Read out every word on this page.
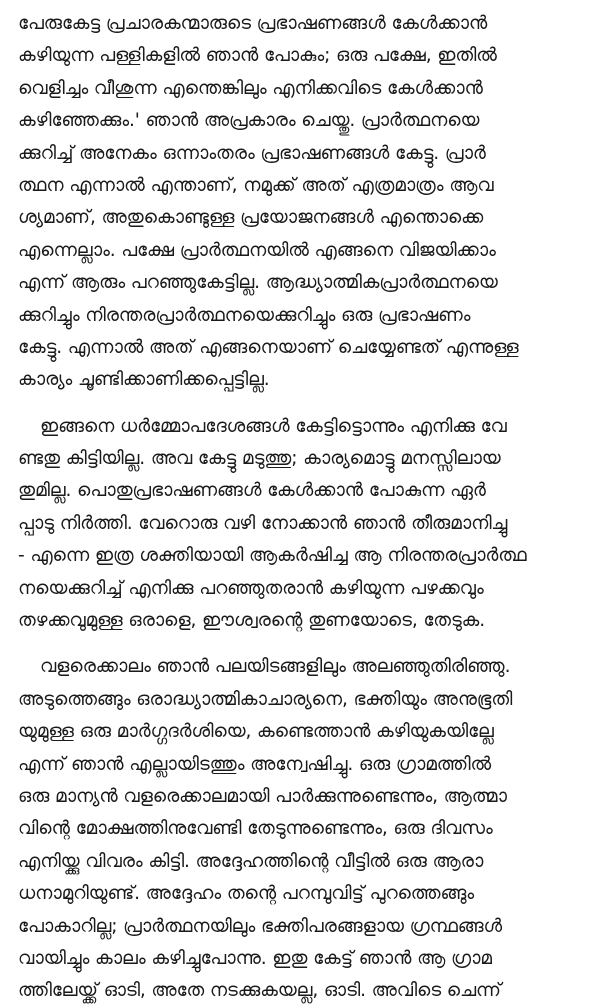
പേരുകേട്ട പ്രചാരകന്മാരുടെ പ്രഭാഷണങ്ങൾ കേൾക്കാൻ
കഴിയുന്ന പള്ളികളിൽ ഞാൻ പോകും; ഒരു പക്ഷേ, ഇതിൽ
വെളിച്ചം വീശുന്ന എന്തെങ്കിലും എനിക്കവിടെ കേൾക്കാൻ
കഴിഞ്ഞേക്കും.' ഞാൻ അപ്രകാരം ചെയ്തു. പ്രാർത്ഥനയെ
ക്കുറിച്ച് അനേകം ഒന്നാംതരം പ്രഭാഷണങ്ങൾ കേട്ടു. പ്രാർ
ത്ഥന എന്നാൽ എന്താണ്, നമുക്ക് അത് എത്രമാത്രം ആവ
ശ്യമാണ്, അതുകൊണ്ടുള്ള പ്രയോജനങ്ങൾ എന്തൊക്കെ
എന്നെല്ലാം. പക്ഷേ പ്രാർത്ഥനയിൽ എങ്ങനെ വിജയിക്കാം
എന്ന് ആരും പറഞ്ഞുകേട്ടില്ല. ആദ്ധ്യാത്മികപ്രാർത്ഥനയെ
ക്കുറിച്ചും നിരന്തരപ്രാർത്ഥനയെക്കുറിച്ചും ഒരു പ്രഭാഷണം
കേട്ടു. എന്നാൽ അത് എങ്ങനെയാണ് ചെയ്യേണ്ടത് എന്നുള്ള
കാര്യം ചൂണ്ടിക്കാണിക്കപ്പെട്ടില്ല.
ഇങ്ങനെ ധർമ്മോപദേശങ്ങൾ കേട്ടിട്ടൊന്നും എനിക്കു വേ
ണ്ടതു കിട്ടിയില്ല. അവ കേട്ടു മടുത്തു; കാര്യമൊട്ടു മനസ്സിലായ
തുമില്ല. പൊതുപ്രഭാഷണങ്ങൾ കേൾക്കാൻ പോകുന്ന ഏർ
പ്പാടു നിർത്തി. വേറൊരു വഴി നോക്കാൻ ഞാൻ തീരുമാനിച്ചു
- എന്നെ ഇത്ര ശക്തിയായി ആകർഷിച്ച ആ നിരന്തരപ്രാർത്ഥ
നയെക്കുറിച്ച് എനിക്കു പറഞ്ഞുതരാൻ കഴിയുന്ന പഴക്കവും
തഴക്കവുമുള്ള ഒരാളെ, ഈശ്വരന്റെ തുണയോടെ, തേടുക.
വളരെക്കാലം ഞാൻ പലയിടങ്ങളിലും അലഞ്ഞുതിരിഞ്ഞു.
അടുത്തെങ്ങും ഒരാദ്ധ്യാത്മികാചാര്യനെ, ഭക്തിയും അനുഭൂതി
യുമുള്ള ഒരു മാർഗ്ഗദർശിയെ, കണ്ടെത്താൻ കഴിയുകയില്ലേ
എന്ന് ഞാൻ എല്ലായിടത്തും അന്വേഷിച്ചു. ഒരു ഗ്രാമത്തിൽ
ഒരു മാന്യൻ വളരെക്കാലമായി പാർക്കുന്നുണ്ടെന്നും, ആത്മാ
വിന്റെ മോക്ഷത്തിനുവേണ്ടി തേടുന്നുണ്ടെന്നും, ഒരു ദിവസം
എനിയ്ക്കു വിവരം കിട്ടി. അദ്ദേഹത്തിന്റെ വീട്ടിൽ ഒരു ആരാ
ധനാമുറിയുണ്ട്. അദ്ദേഹം തന്റെ പറമ്പുവിട്ട് പുറത്തെങ്ങും
പോകാറില്ല; പ്രാർത്ഥനയിലും ഭക്തിപരങ്ങളായ ഗ്രന്ഥങ്ങൾ
വായിച്ചും കാലം കഴിച്ചുപോന്നു. ഇതു കേട്ട് ഞാൻ ആ ഗ്രാമ
ത്തിലേയ്ക്ക് ഓടി, അതേ നടക്കുകയല്ല, ഓടി. അവിടെ ചെന്ന്
